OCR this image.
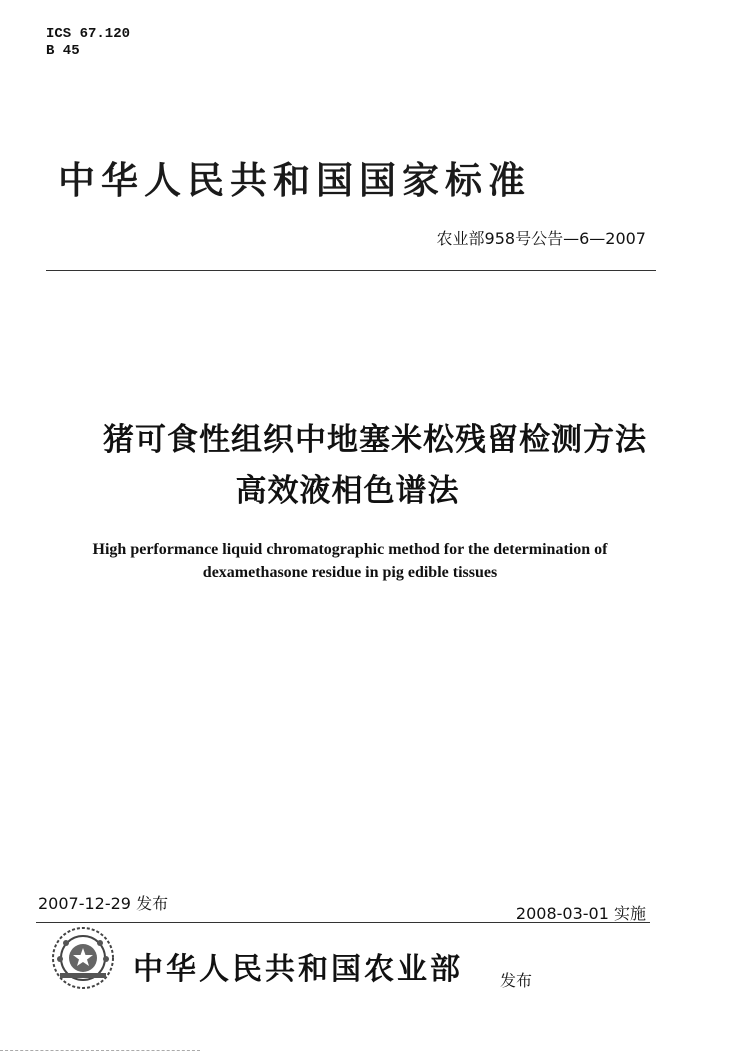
ICS 67.120
B 45
中华人民共和国国家标准
农业部958号公告—6—2007
猪可食性组织中地塞米松残留检测方法
高效液相色谱法
High performance liquid chromatographic method for the determination of
dexamethasone residue in pig edible tissues
2007-12-29 发布
2008-03-01 实施
中华人民共和国农业部 发布
